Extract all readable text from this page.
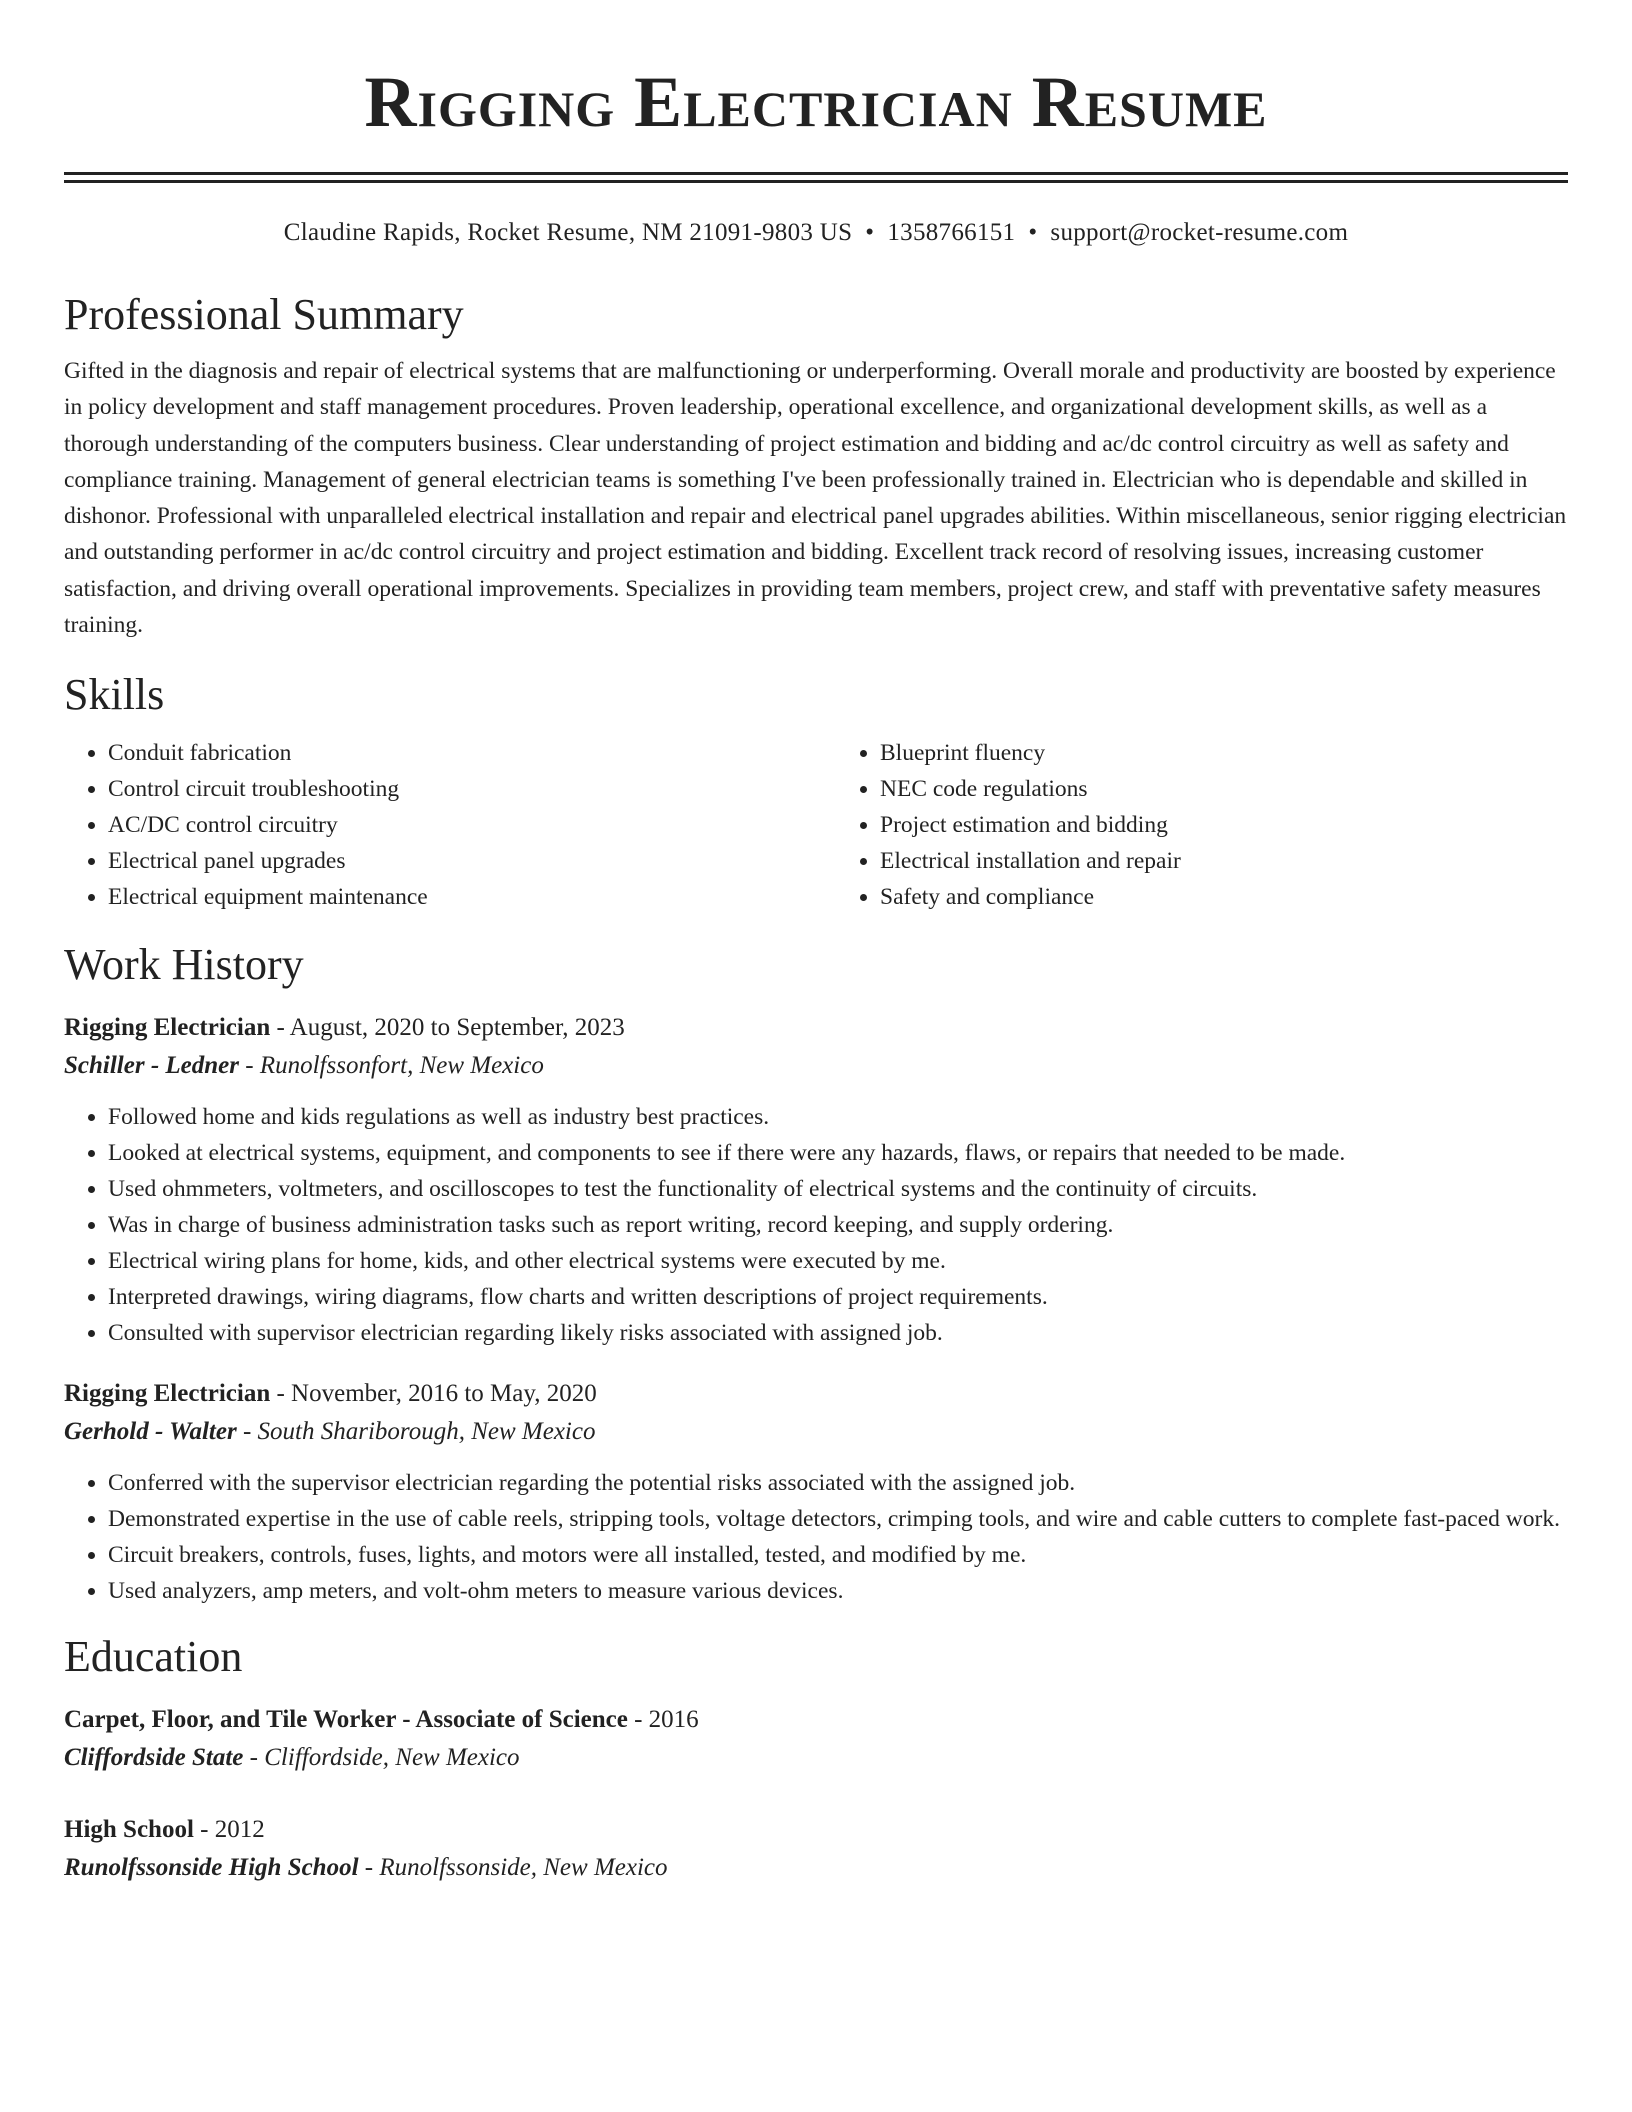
Rigging Electrician Resume
Claudine Rapids, Rocket Resume, NM 21091-9803 US • 1358766151 • support@rocket-resume.com
Professional Summary
Gifted in the diagnosis and repair of electrical systems that are malfunctioning or underperforming. Overall morale and productivity are boosted by experience in policy development and staff management procedures. Proven leadership, operational excellence, and organizational development skills, as well as a thorough understanding of the computers business. Clear understanding of project estimation and bidding and ac/dc control circuitry as well as safety and compliance training. Management of general electrician teams is something I've been professionally trained in. Electrician who is dependable and skilled in dishonor. Professional with unparalleled electrical installation and repair and electrical panel upgrades abilities. Within miscellaneous, senior rigging electrician and outstanding performer in ac/dc control circuitry and project estimation and bidding. Excellent track record of resolving issues, increasing customer satisfaction, and driving overall operational improvements. Specializes in providing team members, project crew, and staff with preventative safety measures training.
Skills
• Conduit fabrication
• Control circuit troubleshooting
• AC/DC control circuitry
• Electrical panel upgrades
• Electrical equipment maintenance
• Blueprint fluency
• NEC code regulations
• Project estimation and bidding
• Electrical installation and repair
• Safety and compliance
Work History
Rigging Electrician - August, 2020 to September, 2023
Schiller - Ledner - Runolfssonfort, New Mexico
• Followed home and kids regulations as well as industry best practices.
• Looked at electrical systems, equipment, and components to see if there were any hazards, flaws, or repairs that needed to be made.
• Used ohmmeters, voltmeters, and oscilloscopes to test the functionality of electrical systems and the continuity of circuits.
• Was in charge of business administration tasks such as report writing, record keeping, and supply ordering.
• Electrical wiring plans for home, kids, and other electrical systems were executed by me.
• Interpreted drawings, wiring diagrams, flow charts and written descriptions of project requirements.
• Consulted with supervisor electrician regarding likely risks associated with assigned job.
Rigging Electrician - November, 2016 to May, 2020
Gerhold - Walter - South Shariborough, New Mexico
• Conferred with the supervisor electrician regarding the potential risks associated with the assigned job.
• Demonstrated expertise in the use of cable reels, stripping tools, voltage detectors, crimping tools, and wire and cable cutters to complete fast-paced work.
• Circuit breakers, controls, fuses, lights, and motors were all installed, tested, and modified by me.
• Used analyzers, amp meters, and volt-ohm meters to measure various devices.
Education
Carpet, Floor, and Tile Worker - Associate of Science - 2016
Cliffordside State - Cliffordside, New Mexico
High School - 2012
Runolfssonside High School - Runolfssonside, New Mexico
